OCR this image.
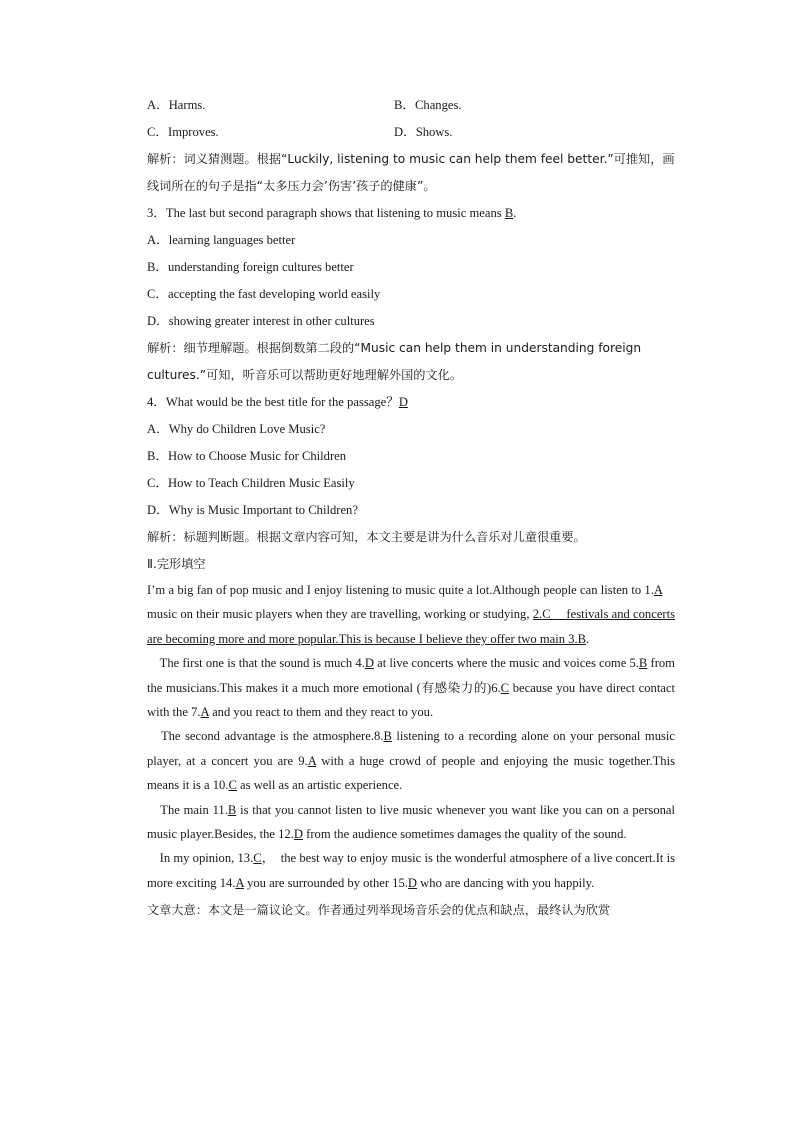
A．Harms.	B．Changes.
C．Improves.	D．Shows.
解析：词义猜测题。根据“Luckily, listening to music can help them feel better.”可推知，画
线词所在的句子是指“太多压力会’伤害’孩子的健康”。
3．The last but second paragraph shows that listening to music means B.
A．learning languages better
B．understanding foreign cultures better
C．accepting the fast developing world easily
D．showing greater interest in other cultures
解析：细节理解题。根据倒数第二段的“Music can help them in understanding foreign
cultures.”可知，听音乐可以帮助更好地理解外国的文化。
4．What would be the best title for the passage？D
A．Why do Children Love Music?
B．How to Choose Music for Children
C．How to Teach Children Music Easily
D．Why is Music Important to Children?
解析：标题判断题。根据文章内容可知，本文主要是讲为什么音乐对儿童很重要。
Ⅱ.完形填空

I’m a big fan of pop music and I enjoy listening to music quite a lot.Although people can listen to 1.A　music on their music players when they are travelling, working or studying, 2.C__ festivals and concerts are becoming more and more popular.This is because I believe they offer two main 3.B.

　The first one is that the sound is much 4.D at live concerts where the music and voices come 5.B from the musicians.This makes it a much more emotional (有感染力的)6.C because you have direct contact with the 7.A and you react to them and they react to you.

　The second advantage is the atmosphere.8.B listening to a recording alone on your personal music player, at a concert you are 9.A with a huge crowd of people and enjoying the music together.This means it is a 10.C as well as an artistic experience.

　The main 11.B is that you cannot listen to live music whenever you want like you can on a personal music player.Besides, the 12.D from the audience sometimes damages the quality of the sound.

　In my opinion, 13.C，　the best way to enjoy music is the wonderful atmosphere of a live concert.It is more exciting 14.A you are surrounded by other 15.D who are dancing with you happily.

文章大意：本文是一篇议论文。作者通过列举现场音乐会的优点和缺点，最终认为欣赏
